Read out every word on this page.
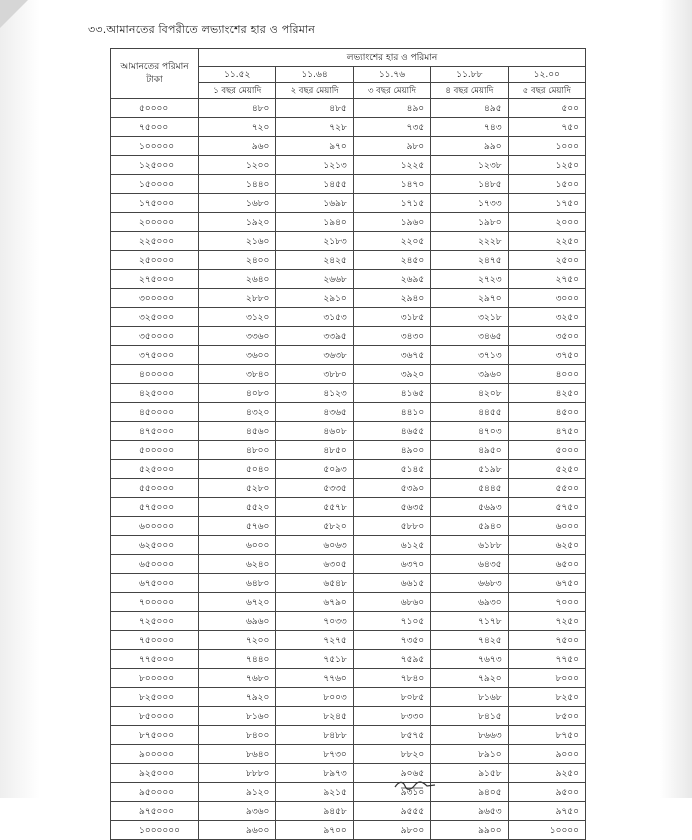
৩৩.আমানতের বিপরীতে লভ্যাংশের হার ও পরিমান
আমানতের পরিমান
টাকা	লভ্যাংশের হার ও পরিমান				
	১১.৫২	১১.৬৪	১১.৭৬	১১.৮৮	১২.০০
	১ বছর মেয়াদি	২ বছর মেয়াদি	৩ বছর মেয়াদি	৪ বছর মেয়াদি	৫ বছর মেয়াদি
৫০০০০	৪৮০	৪৮৫	৪৯০	৪৯৫	৫০০
৭৫০০০	৭২০	৭২৮	৭৩৫	৭৪৩	৭৫০
১০০০০০	৯৬০	৯৭০	৯৮০	৯৯০	১০০০
১২৫০০০	১২০০	১২১৩	১২২৫	১২৩৮	১২৫০
১৫০০০০	১৪৪০	১৪৫৫	১৪৭০	১৪৮৫	১৫০০
১৭৫০০০	১৬৮০	১৬৯৮	১৭১৫	১৭৩৩	১৭৫০
২০০০০০	১৯২০	১৯৪০	১৯৬০	১৯৮০	২০০০
২২৫০০০	২১৬০	২১৮৩	২২০৫	২২২৮	২২৫০
২৫০০০০	২৪০০	২৪২৫	২৪৫০	২৪৭৫	২৫০০
২৭৫০০০	২৬৪০	২৬৬৮	২৬৯৫	২৭২৩	২৭৫০
৩০০০০০	২৮৮০	২৯১০	২৯৪০	২৯৭০	৩০০০
৩২৫০০০	৩১২০	৩১৫৩	৩১৮৫	৩২১৮	৩২৫০
৩৫০০০০	৩৩৬০	৩৩৯৫	৩৪৩০	৩৪৬৫	৩৫০০
৩৭৫০০০	৩৬০০	৩৬৩৮	৩৬৭৫	৩৭১৩	৩৭৫০
৪০০০০০	৩৮৪০	৩৮৮০	৩৯২০	৩৯৬০	৪০০০
৪২৫০০০	৪০৮০	৪১২৩	৪১৬৫	৪২০৮	৪২৫০
৪৫০০০০	৪৩২০	৪৩৬৫	৪৪১০	৪৪৫৫	৪৫০০
৪৭৫০০০	৪৫৬০	৪৬০৮	৪৬৫৫	৪৭০৩	৪৭৫০
৫০০০০০	৪৮০০	৪৮৫০	৪৯০০	৪৯৫০	৫০০০
৫২৫০০০	৫০৪০	৫০৯৩	৫১৪৫	৫১৯৮	৫২৫০
৫৫০০০০	৫২৮০	৫৩৩৫	৫৩৯০	৫৪৪৫	৫৫০০
৫৭৫০০০	৫৫২০	৫৫৭৮	৫৬৩৫	৫৬৯৩	৫৭৫০
৬০০০০০	৫৭৬০	৫৮২০	৫৮৮০	৫৯৪০	৬০০০
৬২৫০০০	৬০০০	৬০৬৩	৬১২৫	৬১৮৮	৬২৫০
৬৫০০০০	৬২৪০	৬৩০৫	৬৩৭০	৬৪৩৫	৬৫০০
৬৭৫০০০	৬৪৮০	৬৫৪৮	৬৬১৫	৬৬৮৩	৬৭৫০
৭০০০০০	৬৭২০	৬৭৯০	৬৮৬০	৬৯৩০	৭০০০
৭২৫০০০	৬৯৬০	৭০৩৩	৭১০৫	৭১৭৮	৭২৫০
৭৫০০০০	৭২০০	৭২৭৫	৭৩৫০	৭৪২৫	৭৫০০
৭৭৫০০০	৭৪৪০	৭৫১৮	৭৫৯৫	৭৬৭৩	৭৭৫০
৮০০০০০	৭৬৮০	৭৭৬০	৭৮৪০	৭৯২০	৮০০০
৮২৫০০০	৭৯২০	৮০০৩	৮০৮৫	৮১৬৮	৮২৫০
৮৫০০০০	৮১৬০	৮২৪৫	৮৩৩০	৮৪১৫	৮৫০০
৮৭৫০০০	৮৪০০	৮৪৮৮	৮৫৭৫	৮৬৬৩	৮৭৫০
৯০০০০০	৮৬৪০	৮৭৩০	৮৮২০	৮৯১০	৯০০০
৯২৫০০০	৮৮৮০	৮৯৭৩	৯০৬৫	৯১৫৮	৯২৫০
৯৫০০০০	৯১২০	৯২১৫	৯৩১০	৯৪০৫	৯৫০০
৯৭৫০০০	৯৩৬০	৯৪৫৮	৯৫৫৫	৯৬৫৩	৯৭৫০
১০০০০০০	৯৬০০	৯৭০০	৯৮০০	৯৯০০	১০০০০
